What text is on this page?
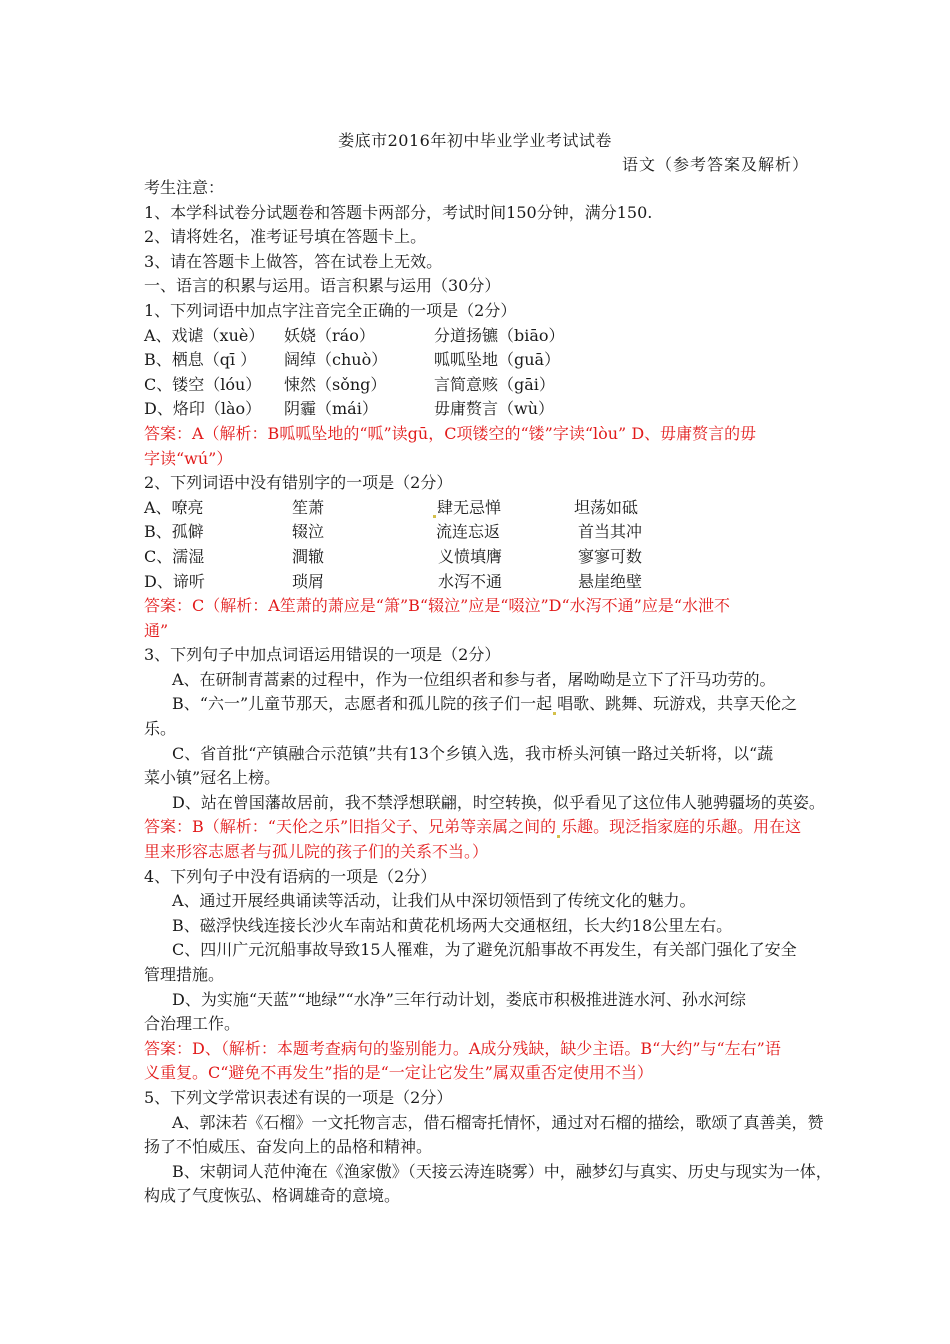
娄底市2016年初中毕业学业考试试卷
语文（参考答案及解析）
考生注意：
1、本学科试卷分试题卷和答题卡两部分，考试时间150分钟，满分150.
2、请将姓名，准考证号填在答题卡上。
3、请在答题卡上做答，答在试卷上无效。
一、语言的积累与运用。语言积累与运用（30分）
1、下列词语中加点字注音完全正确的一项是（2分）
A、戏谑（xuè）	妖娆（ráo）	分道扬镳（biāo）
B、栖息（qī ）	阔绰（chuò）	呱呱坠地（guā）
C、镂空（lóu）	悚然（sǒng）	言简意赅（gāi）
D、烙印（lào）	阴霾（mái）	毋庸赘言（wù）
答案：A（解析：B呱呱坠地的“呱”读gū，C项镂空的“镂”字读“lòu” D、毋庸赘言的毋
字读“wú”）
2、下列词语中没有错别字的一项是（2分）
A、嘹亮	笙萧	肆无忌惮	坦荡如砥
B、孤僻	辍泣	流连忘返	首当其冲
C、濡湿	澗辙	义愤填膺	寥寥可数
D、谛听	琐屑	水泻不通	悬崖绝壁
答案：C（解析：A笙萧的萧应是“箫”B“辍泣”应是“啜泣”D“水泻不通”应是“水泄不
通”
3、下列句子中加点词语运用错误的一项是（2分）
A、在研制青蒿素的过程中，作为一位组织者和参与者，屠呦呦是立下了汗马功劳的。
B、“六一”儿童节那天，志愿者和孤儿院的孩子们一起 唱歌、跳舞、玩游戏，共享天伦之
乐。
C、省首批“产镇融合示范镇”共有13个乡镇入选，我市桥头河镇一路过关斩将，以“蔬
菜小镇”冠名上榜。
D、站在曾国藩故居前，我不禁浮想联翩，时空转换，似乎看见了这位伟人驰骋疆场的英姿。
答案：B（解析：“天伦之乐”旧指父子、兄弟等亲属之间的 乐趣。现泛指家庭的乐趣。用在这
里来形容志愿者与孤儿院的孩子们的关系不当。）
4、下列句子中没有语病的一项是（2分）
A、通过开展经典诵读等活动，让我们从中深切领悟到了传统文化的魅力。
B、磁浮快线连接长沙火车南站和黄花机场两大交通枢纽，长大约18公里左右。
C、四川广元沉船事故导致15人罹难，为了避免沉船事故不再发生，有关部门强化了安全
管理措施。
D、为实施“天蓝”“地绿”“水净”三年行动计划，娄底市积极推进涟水河、孙水河综
合治理工作。
答案：D、（解析：本题考查病句的鉴别能力。A成分残缺，缺少主语。B“大约”与“左右”语
义重复。C“避免不再发生”指的是“一定让它发生”属双重否定使用不当）
5、下列文学常识表述有误的一项是（2分）
A、郭沫若《石榴》一文托物言志，借石榴寄托情怀，通过对石榴的描绘，歌颂了真善美，赞
扬了不怕威压、奋发向上的品格和精神。
B、宋朝词人范仲淹在《渔家傲》（天接云涛连晓雾）中，融梦幻与真实、历史与现实为一体，
构成了气度恢弘、格调雄奇的意境。
